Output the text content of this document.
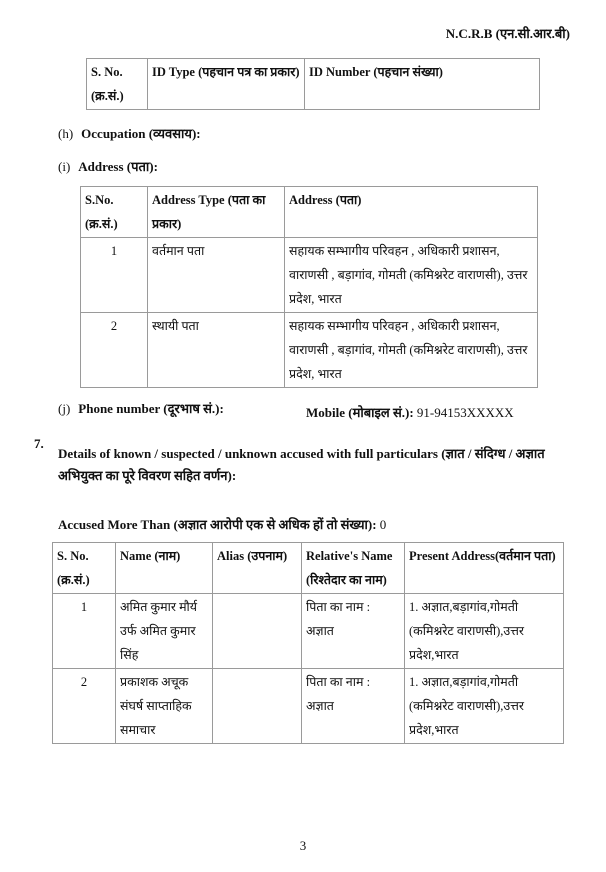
N.C.R.B (एन.सी.आर.बी)
S. No. (क्र.सं.)	ID Type (पहचान पत्र का प्रकार)	ID Number (पहचान संख्या)
(h) Occupation (व्यवसाय):
(i) Address (पता):
S.No. (क्र.सं.)	Address Type (पता का प्रकार)	Address (पता)
1	वर्तमान पता	सहायक सम्भागीय परिवहन , अधिकारी प्रशासन, वाराणसी , बड़ागांव, गोमती (कमिश्नरेट वाराणसी), उत्तर प्रदेश, भारत
2	स्थायी पता	सहायक सम्भागीय परिवहन , अधिकारी प्रशासन, वाराणसी , बड़ागांव, गोमती (कमिश्नरेट वाराणसी), उत्तर प्रदेश, भारत
(j) Phone number (दूरभाष सं.):	Mobile (मोबाइल सं.): 91-94153XXXXX
7.
Details of known / suspected / unknown accused with full particulars (ज्ञात / संदिग्ध / अज्ञात अभियुक्त का पूरे विवरण सहित वर्णन):
Accused More Than (अज्ञात आरोपी एक से अधिक हों तो संख्या): 0
S. No. (क्र.सं.)	Name (नाम)	Alias (उपनाम)	Relative's Name (रिश्तेदार का नाम)	Present Address(वर्तमान पता)
1	अमित कुमार मौर्य उर्फ अमित कुमार सिंह		पिता का नाम : अज्ञात	1. अज्ञात,बड़ागांव,गोमती (कमिश्नरेट वाराणसी),उत्तर प्रदेश,भारत
2	प्रकाशक अचूक संघर्ष साप्ताहिक समाचार		पिता का नाम : अज्ञात	1. अज्ञात,बड़ागांव,गोमती (कमिश्नरेट वाराणसी),उत्तर प्रदेश,भारत
3
